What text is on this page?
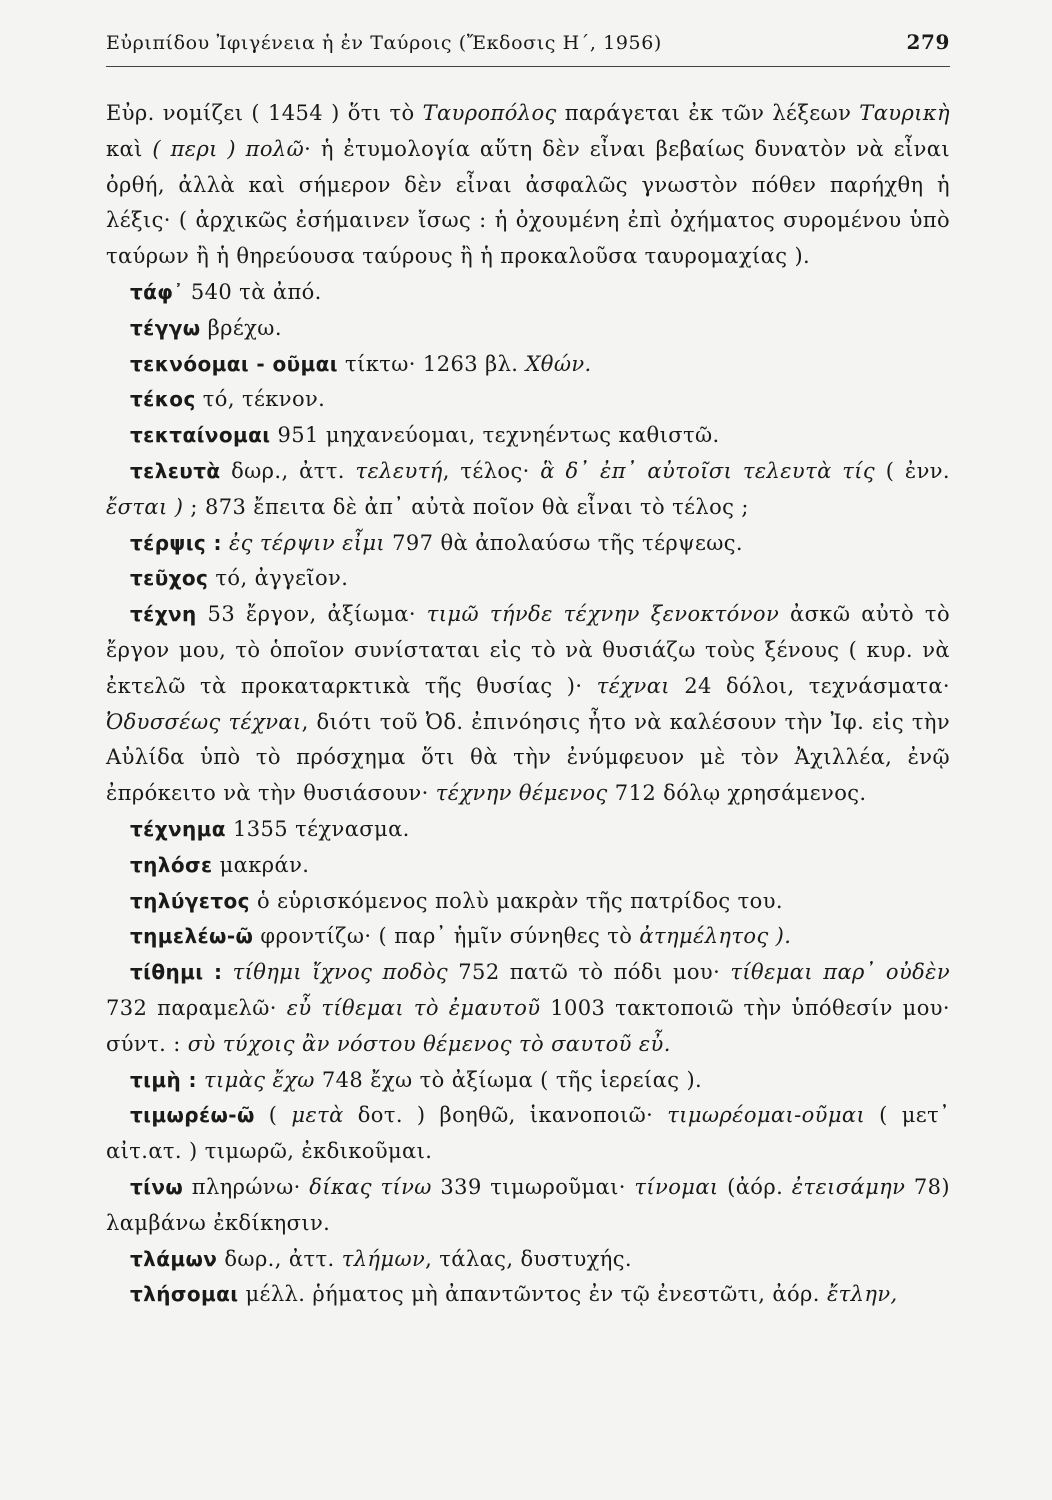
Εὐριπίδου Ἰφιγένεια ἡ ἐν Ταύροις (Ἔκδοσις Η΄, 1956)	279

Εὐρ. νομίζει ( 1454 ) ὅτι τὸ Ταυροπόλος παράγεται ἐκ τῶν λέξεων Ταυρικὴ καὶ ( περι ) πολῶ· ἡ ἐτυμολογία αὕτη δὲν εἶναι βεβαίως δυνατὸν νὰ εἶναι ὀρθή, ἀλλὰ καὶ σήμερον δὲν εἶναι ἀσφαλῶς γνωστὸν πόθεν παρήχθη ἡ λέξις· ( ἀρχικῶς ἐσήμαινεν ἴσως : ἡ ὀχουμένη ἐπὶ ὀχήματος συρομένου ὑπὸ ταύρων ἢ ἡ θηρεύουσα ταύρους ἢ ἡ προκαλοῦσα ταυρομαχίας ).

τάφ᾿ 540 τὰ ἀπό.

τέγγω βρέχω.

τεκνόομαι - οῦμαι τίκτω· 1263 βλ. Χθών.

τέκος τό, τέκνον.

τεκταίνομαι 951 μηχανεύομαι, τεχνηέντως καθιστῶ.

τελευτὰ δωρ., ἀττ. τελευτή, τέλος· ἃ δ᾿ ἐπ᾿ αὐτοῖσι τελευτὰ τίς ( ἐνν. ἔσται ) ; 873 ἔπειτα δὲ ἀπ᾿ αὐτὰ ποῖον θὰ εἶναι τὸ τέλος ;

τέρψις : ἐς τέρψιν εἶμι 797 θὰ ἀπολαύσω τῆς τέρψεως.

τεῦχος τό, ἀγγεῖον.

τέχνη 53 ἔργον, ἀξίωμα· τιμῶ τήνδε τέχνην ξενοκτόνον ἀσκῶ αὐτὸ τὸ ἔργον μου, τὸ ὁποῖον συνίσταται εἰς τὸ νὰ θυσιάζω τοὺς ξένους ( κυρ. νὰ ἐκτελῶ τὰ προκαταρκτικὰ τῆς θυσίας )· τέχναι 24 δόλοι, τεχνάσματα· Ὀδυσσέως τέχναι, διότι τοῦ Ὀδ. ἐπινόησις ἦτο νὰ καλέσουν τὴν Ἰφ. εἰς τὴν Αὐλίδα ὑπὸ τὸ πρόσχημα ὅτι θὰ τὴν ἐνύμφευον μὲ τὸν Ἀχιλλέα, ἐνῷ ἐπρόκειτο νὰ τὴν θυσιάσουν· τέχνην θέμενος 712 δόλῳ χρησάμενος.

τέχνημα 1355 τέχνασμα.

τηλόσε μακράν.

τηλύγετος ὁ εὑρισκόμενος πολὺ μακρὰν τῆς πατρίδος του.

τημελέω-ῶ φροντίζω· ( παρ᾿ ἡμῖν σύνηθες τὸ ἀτημέλητος ).

τίθημι : τίθημι ἴχνος ποδὸς 752 πατῶ τὸ πόδι μου· τίθεμαι παρ᾿ οὐδὲν 732 παραμελῶ· εὖ τίθεμαι τὸ ἐμαυτοῦ 1003 τακτοποιῶ τὴν ὑπόθεσίν μου· σύντ. : σὺ τύχοις ἂν νόστου θέμενος τὸ σαυτοῦ εὖ.

τιμὴ : τιμὰς ἔχω 748 ἔχω τὸ ἀξίωμα ( τῆς ἱερείας ).

τιμωρέω-ῶ ( μετὰ δοτ. ) βοηθῶ, ἱκανοποιῶ· τιμωρέομαι-οῦμαι ( μετ᾿ αἰτ.ατ. ) τιμωρῶ, ἐκδικοῦμαι.

τίνω πληρώνω· δίκας τίνω 339 τιμωροῦμαι· τίνομαι (ἀόρ. ἐτεισάμην 78) λαμβάνω ἐκδίκησιν.

τλάμων δωρ., ἀττ. τλήμων, τάλας, δυστυχής.

τλήσομαι μέλλ. ῥήματος μὴ ἀπαντῶντος ἐν τῷ ἐνεστῶτι, ἀόρ. ἔτλην,
